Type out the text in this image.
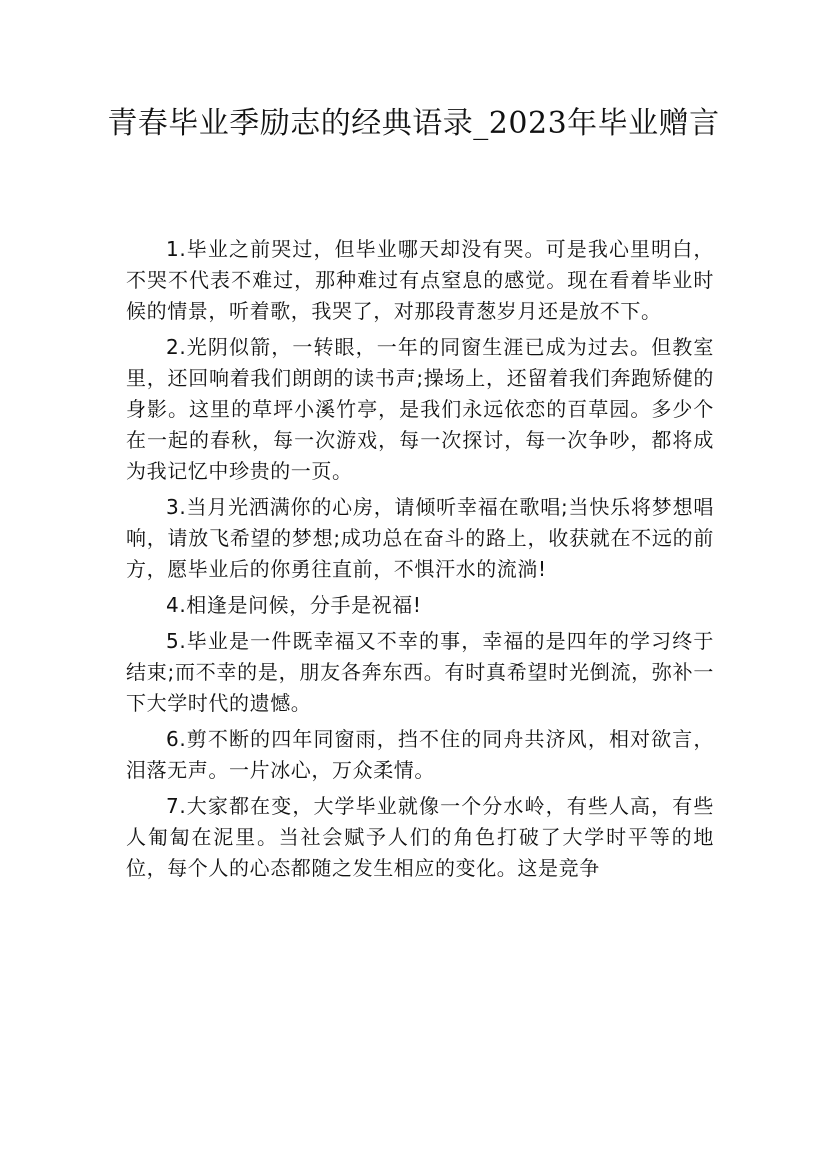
青春毕业季励志的经典语录_2023年毕业赠言

1.毕业之前哭过，但毕业哪天却没有哭。可是我心里明白，不哭不代表不难过，那种难过有点窒息的感觉。现在看着毕业时候的情景，听着歌，我哭了，对那段青葱岁月还是放不下。

2.光阴似箭，一转眼，一年的同窗生涯已成为过去。但教室里，还回响着我们朗朗的读书声;操场上，还留着我们奔跑矫健的身影。这里的草坪小溪竹亭，是我们永远依恋的百草园。多少个在一起的春秋，每一次游戏，每一次探讨，每一次争吵，都将成为我记忆中珍贵的一页。

3.当月光洒满你的心房，请倾听幸福在歌唱;当快乐将梦想唱响，请放飞希望的梦想;成功总在奋斗的路上，收获就在不远的前方，愿毕业后的你勇往直前，不惧汗水的流淌!

4.相逢是问候，分手是祝福!

5.毕业是一件既幸福又不幸的事，幸福的是四年的学习终于结束;而不幸的是，朋友各奔东西。有时真希望时光倒流，弥补一下大学时代的遗憾。

6.剪不断的四年同窗雨，挡不住的同舟共济风，相对欲言，泪落无声。一片冰心，万众柔情。

7.大家都在变，大学毕业就像一个分水岭，有些人高，有些人匍匐在泥里。当社会赋予人们的角色打破了大学时平等的地位，每个人的心态都随之发生相应的变化。这是竞争
